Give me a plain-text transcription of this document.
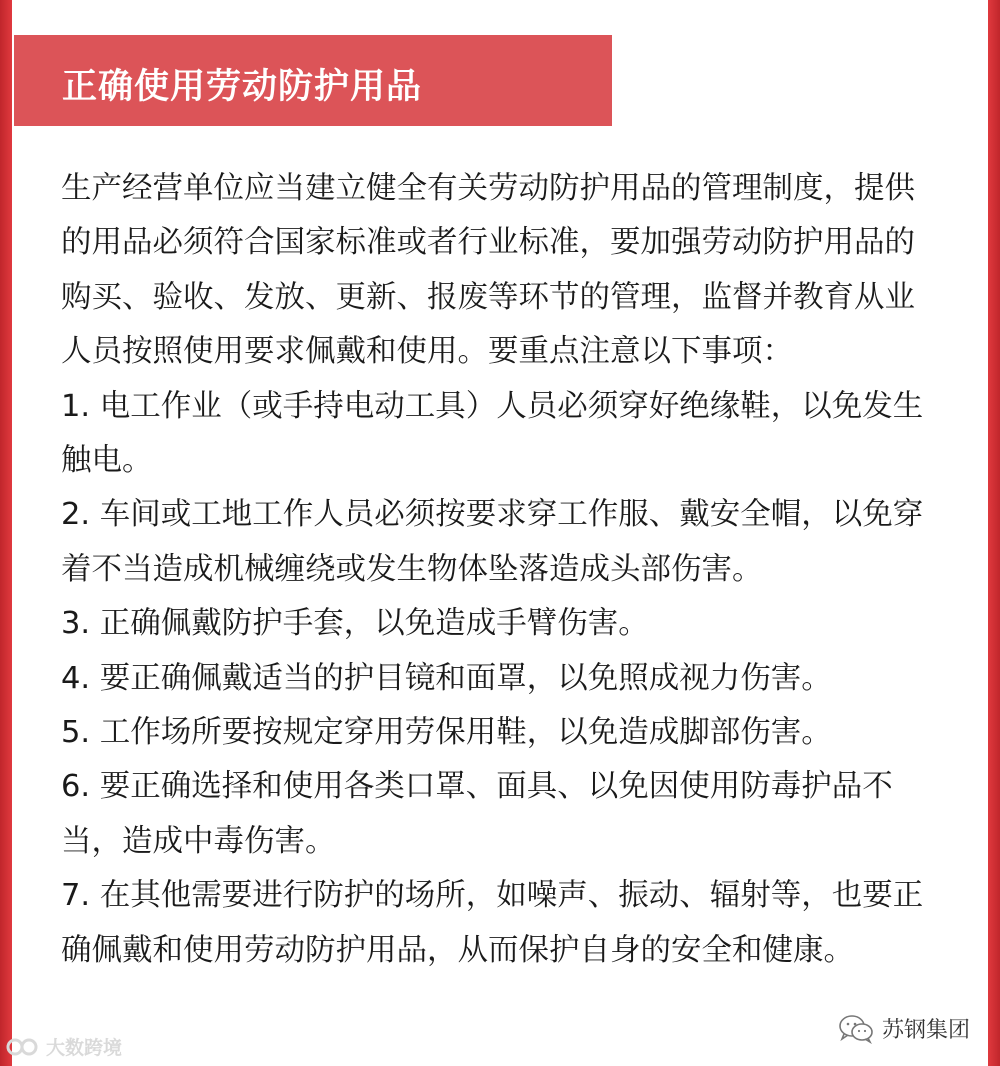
正确使用劳动防护用品

生产经营单位应当建立健全有关劳动防护用品的管理制度，提供的用品必须符合国家标准或者行业标准，要加强劳动防护用品的购买、验收、发放、更新、报废等环节的管理，监督并教育从业人员按照使用要求佩戴和使用。要重点注意以下事项：

1. 电工作业（或手持电动工具）人员必须穿好绝缘鞋，以免发生触电。

2. 车间或工地工作人员必须按要求穿工作服、戴安全帽，以免穿着不当造成机械缠绕或发生物体坠落造成头部伤害。

3. 正确佩戴防护手套，以免造成手臂伤害。

4. 要正确佩戴适当的护目镜和面罩，以免照成视力伤害。

5. 工作场所要按规定穿用劳保用鞋，以免造成脚部伤害。

6. 要正确选择和使用各类口罩、面具、以免因使用防毒护品不当，造成中毒伤害。

7. 在其他需要进行防护的场所，如噪声、振动、辐射等，也要正确佩戴和使用劳动防护用品，从而保护自身的安全和健康。

大数跨境
苏钢集团
